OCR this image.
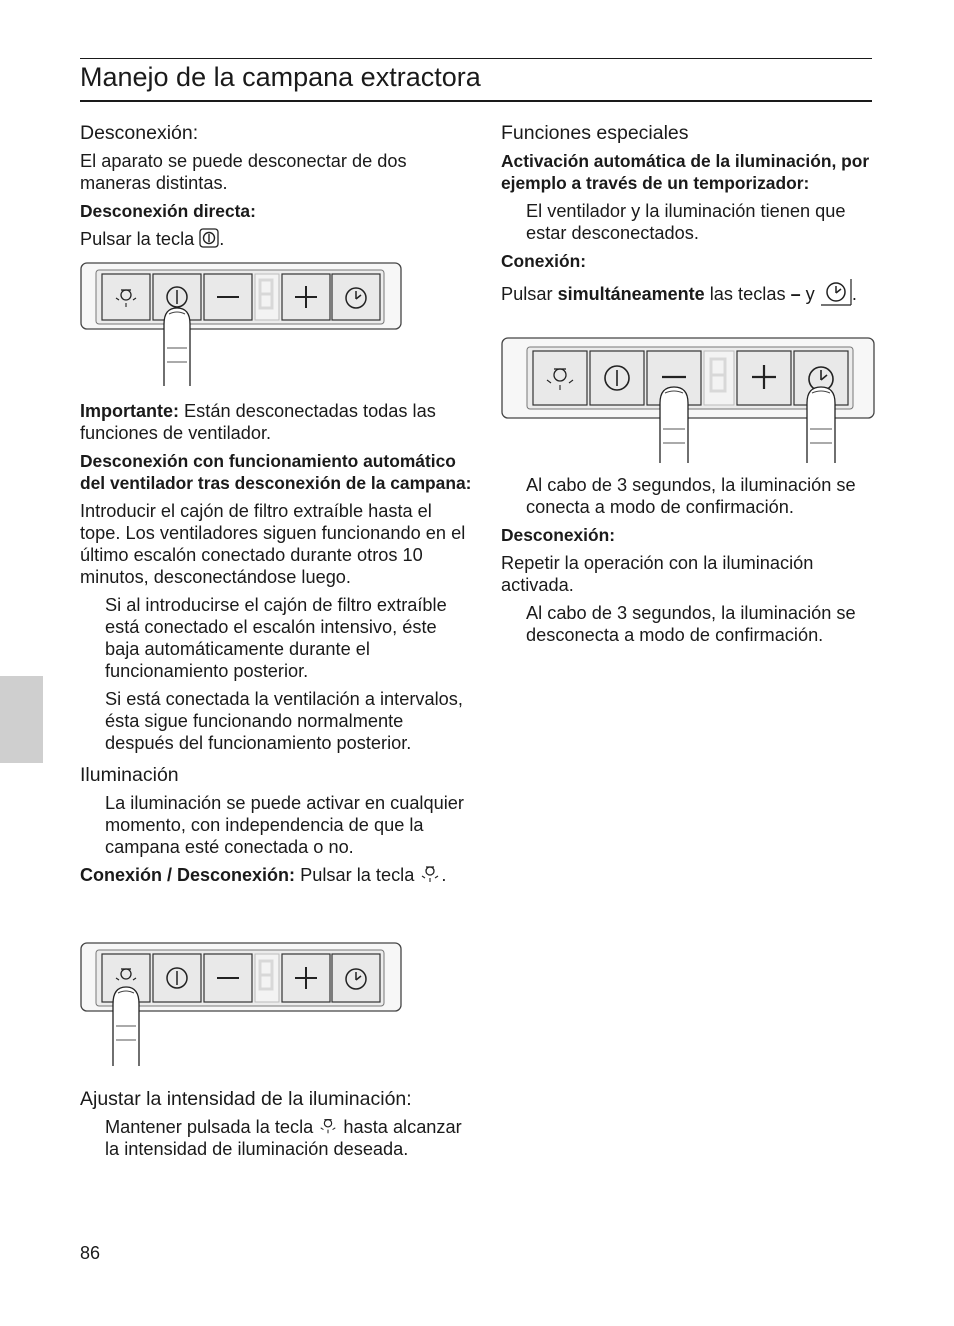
Manejo de la campana extractora

Desconexión:

El aparato se puede desconectar de dos maneras distintas.

Desconexión directa:

Pulsar la tecla .

Importante: Están desconectadas todas las funciones de ventilador.

Desconexión con funcionamiento automático del ventilador tras desconexión de la campana:

Introducir el cajón de filtro extraíble hasta el tope. Los ventiladores siguen funcionando en el último escalón conectado durante otros 10 minutos, desconectándose luego.

Si al introducirse el cajón de filtro extraíble está conectado el escalón intensivo, éste baja automáticamente durante el funcionamiento posterior.

Si está conectada la ventilación a intervalos, ésta sigue funcionando normalmente después del funcionamiento posterior.

Iluminación

La iluminación se puede activar en cualquier momento, con independencia de que la campana esté conectada o no.

Conexión / Desconexión: Pulsar la tecla .

Ajustar la intensidad de la iluminación:

Mantener pulsada la tecla  hasta alcanzar la intensidad de iluminación deseada.

Funciones especiales

Activación automática de la iluminación, por ejemplo a través de un temporizador:

El ventilador y la iluminación tienen que estar desconectados.

Conexión:

Pulsar simultáneamente las teclas – y .

Al cabo de 3 segundos, la iluminación se conecta a modo de confirmación.

Desconexión:

Repetir la operación con la iluminación activada.

Al cabo de 3 segundos, la iluminación se desconecta a modo de confirmación.

86
